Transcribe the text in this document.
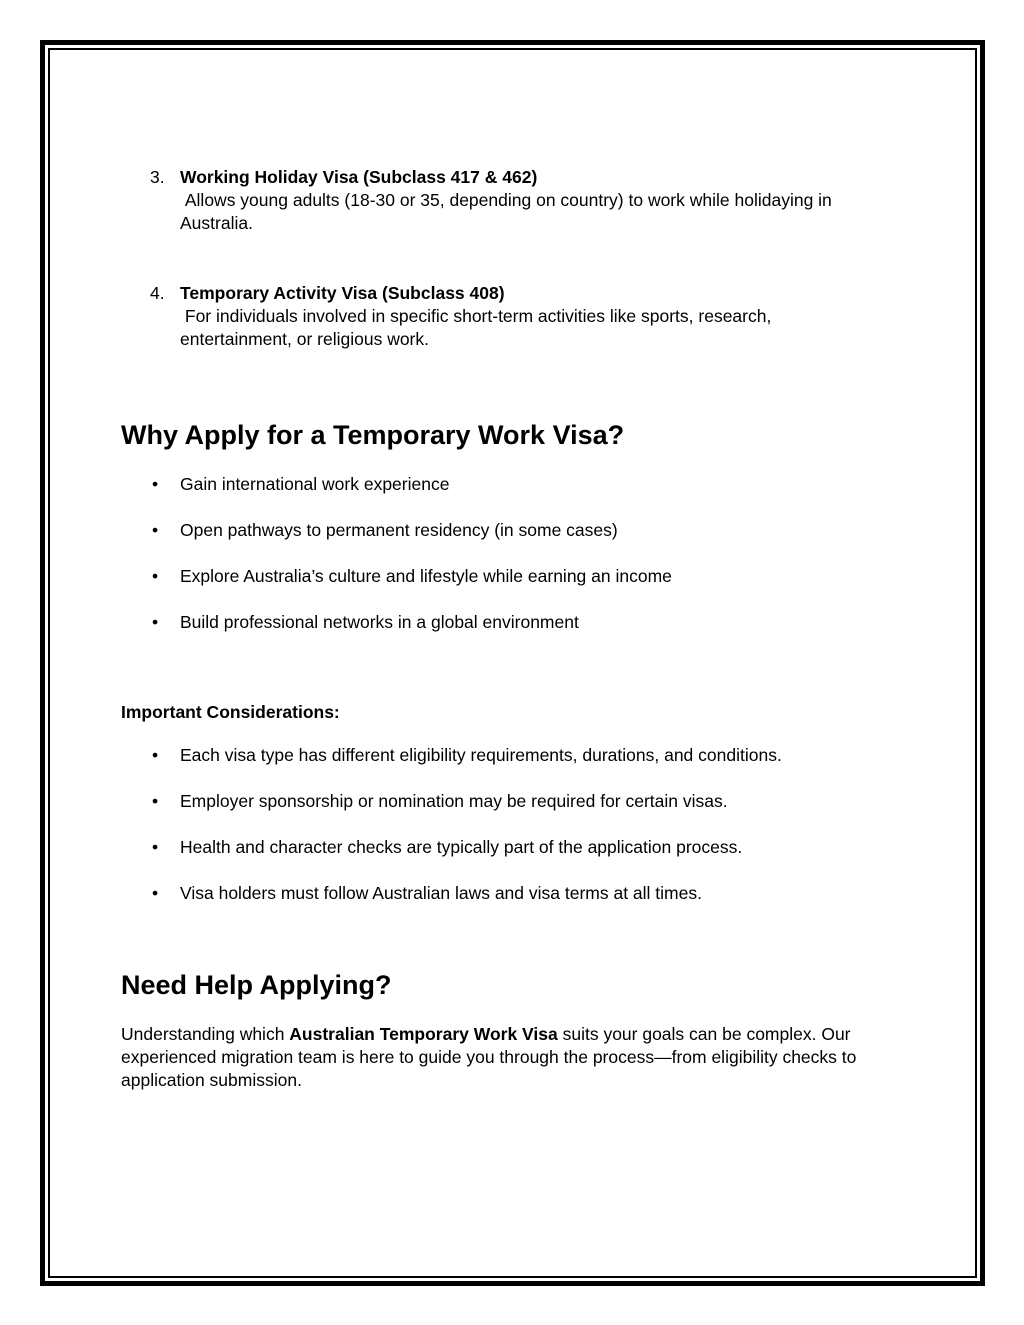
3. Working Holiday Visa (Subclass 417 & 462)
Allows young adults (18-30 or 35, depending on country) to work while holidaying in Australia.
4. Temporary Activity Visa (Subclass 408)
For individuals involved in specific short-term activities like sports, research, entertainment, or religious work.
Why Apply for a Temporary Work Visa?
• Gain international work experience
• Open pathways to permanent residency (in some cases)
• Explore Australia’s culture and lifestyle while earning an income
• Build professional networks in a global environment
Important Considerations:
• Each visa type has different eligibility requirements, durations, and conditions.
• Employer sponsorship or nomination may be required for certain visas.
• Health and character checks are typically part of the application process.
• Visa holders must follow Australian laws and visa terms at all times.
Need Help Applying?

Understanding which Australian Temporary Work Visa suits your goals can be complex. Our experienced migration team is here to guide you through the process—from eligibility checks to application submission.
